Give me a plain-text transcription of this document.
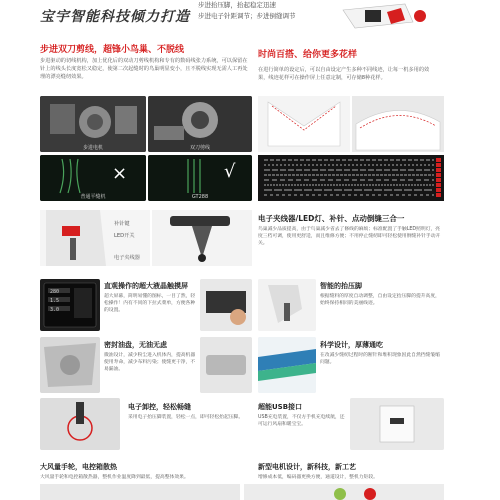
宝宇智能科技倾力打造
步进抬压脚，抬起稳定迅速
步进电子针距调节；步进倒缝调节
步进双刀剪线，超锋小鸟巢、不脱线
步进驱动的切线机构，加上优化后的双动刀剪线机构和专有的数码线张力系统，可以保留在针上的线头长度宽松又稳定，使第二次起缝时的鸟巢明显变小，且不脱线实现无需人工再处理的漂亮缝纫效果。
步进电机	双刀剪线
×
普通平缝机
√
GT288
时尚百搭、给你更多花样
在进行简单的设定后，可以自由设定产生多种不同线迹，让每一机多用的效果，线迹花样可在操作屏上任意定制，可存储8种花样。
补针键
LED开关
电子夹线器
电子夹线器/LED灯、补针、点动倒缝三合一
鸟巢减少品质提高，由于鸟巢减少省去了修线的麻烦；标准配置了手触LED照明灯，亮度三档可调，使用更舒适，而且维修方便；不用停止缝纫即可轻松使用倒缝补针手动开关。
280
1.5
3.0
直观操作的超大液晶触摸屏
超大屏幕，简明易懂的图标，一目了然，轻松操作！内有不同的下拉式菜单，方便各种的设置。
智能的抬压脚
根据缝料的厚度自动调整，自由设定抬压脚的提升高度，始终保持相同的美丽线迹。
密封油盘，无油无虑
微油设计，减少粉尘进入机体内，提高机器使用寿命，减少布料污染；使缝更干净，不易漏油。
科学设计，厚薄通吃
在改减少缝纫过程时的断针和堆积现象因此自然挡缝皱缩问题。
电子卸控，轻松畅缝
采用电子抬压脚装置，轻松一点，即可轻松抬起压脚。
超能USB接口
USB充电装置，不仅方手机充电续航，还可运行风扇和暖宝宝。
大风量手轮，电控箱散热
大风量手轮和电控箱散热器，整机作业温度降到最低，提高整体效果。
新型电机设计，新科技，新工艺
增修成本低，编码器更换方便，通道设计，整机力矩较。
